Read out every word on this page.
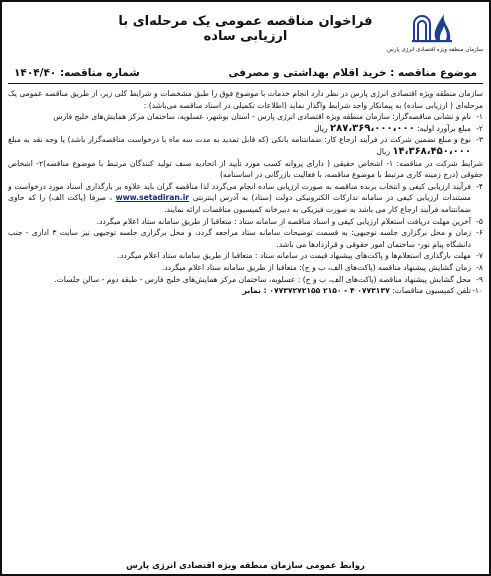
سازمان منطقه ویژه اقتصادی انرژی پارس
فراخوان مناقصه عمومی یک مرحله‌ای با ارزیابی ساده
موضوع مناقصه : خرید اقلام بهداشتی و مصرفی
شماره مناقصه: ۱۴۰۴/۴۰

سازمان منطقه ویژه اقتصادی انرژی پارس در نظر دارد انجام خدمات با موضوع فوق را طبق مشخصات و شرایط کلی زیر، از طریق مناقصه عمومی یک مرحله‌ای ( ارزیابی ساده) به پیمانکار واجد شرایط واگذار نماید (اطلاعات تکمیلی در اسناد مناقصه می‌باشد) :

۱-
نام و نشانی مناقصه‌گزار: سازمان منطقه ویژه اقتصادی انرژی پارس - استان بوشهر، عسلویه، ساختمان مرکز همایش‌های خلیج فارس
۲-
مبلغ برآورد اولیه: ۲۸۷،۳۶۹،۰۰۰،۰۰۰ ریال
۳-
نوع و مبلغ تضمین شرکت در فرآیند ارجاع کار: ضمانتنامه بانکی (که قابل تمدید به مدت سه ماه با درخواست مناقصه‌گزار باشد) یا وجه نقد به مبلغ ۱۴،۳۶۸،۴۵۰،۰۰۰ ریال

شرایط شرکت در مناقصه: ۱- اشخاص حقیقی ( دارای پروانه کسب مورد تأیید از اتحادیه صنف تولید کنندگان مرتبط با موضوع مناقصه)۲- اشخاص حقوقی (درج زمینه کاری مرتبط با موضوع مناقصه، با فعالیت بازرگانی در اساسنامه)

۴-
فرآیند ارزیابی کیفی و انتخاب برنده مناقصه به صورت ارزیابی ساده انجام می‌گردد لذا مناقصه گران باید علاوه بر بارگذاری اسناد مورد درخواست و مستندات ارزیابی کیفی در سامانه تدارکات الکترونیکی دولت (ستاد) به آدرس اینترنتی www.setadiran.ir ، صرفا (پاکت الف) را که حاوی ضمانتنامه فرآیند ارجاع کار می باشد به صورت فیزیکی به دبیرخانه کمیسیون مناقصات ارائه نمایند.
۵-
آخرین مهلت دریافت استعلام ارزیابی کیفی و اسناد مناقصه از سامانه ستاد : متعاقبا از طریق سامانه ستاد اعلام میگردد.
۶-
زمان و محل برگزاری جلسه توجیهی: به قسمت توضیحات سامانه ستاد مراجعه گردد، و محل برگزاری جلسه توجیهی نیز سایت ۳ اداری - جنب دانشگاه پیام نور- ساختمان امور حقوقی و قراردادها می باشد.
۷-
مهلت بارگذاری استعلام‌ها و پاکت‌های پیشنهاد قیمت در سامانه ستاد : متعاقبا از طریق سامانه ستاد اعلام میگردد.
۸-
زمان گشایش پیشنهاد مناقصه (پاکت‌های الف، ب و ج): متعاقبا از طریق سامانه ستاد اعلام میگردد.
۹-
محل گشایش پیشنهاد مناقصه (پاکت‌های الف، ب و ج) : عسلویه، ساختمان مرکز همایش‌های خلیج فارس - طبقه دوم - سالن جلسات.
۱۰-
تلفن کمیسیون مناقصات: ۰۷۷۳۱۳۷ ۴ - ۲۱۵۰ ۰۷۷۳۷۲۷۲۱۵۵ : نمابر
روابط عمومی سازمان منطقه ویژه اقتصادی انرژی پارس
